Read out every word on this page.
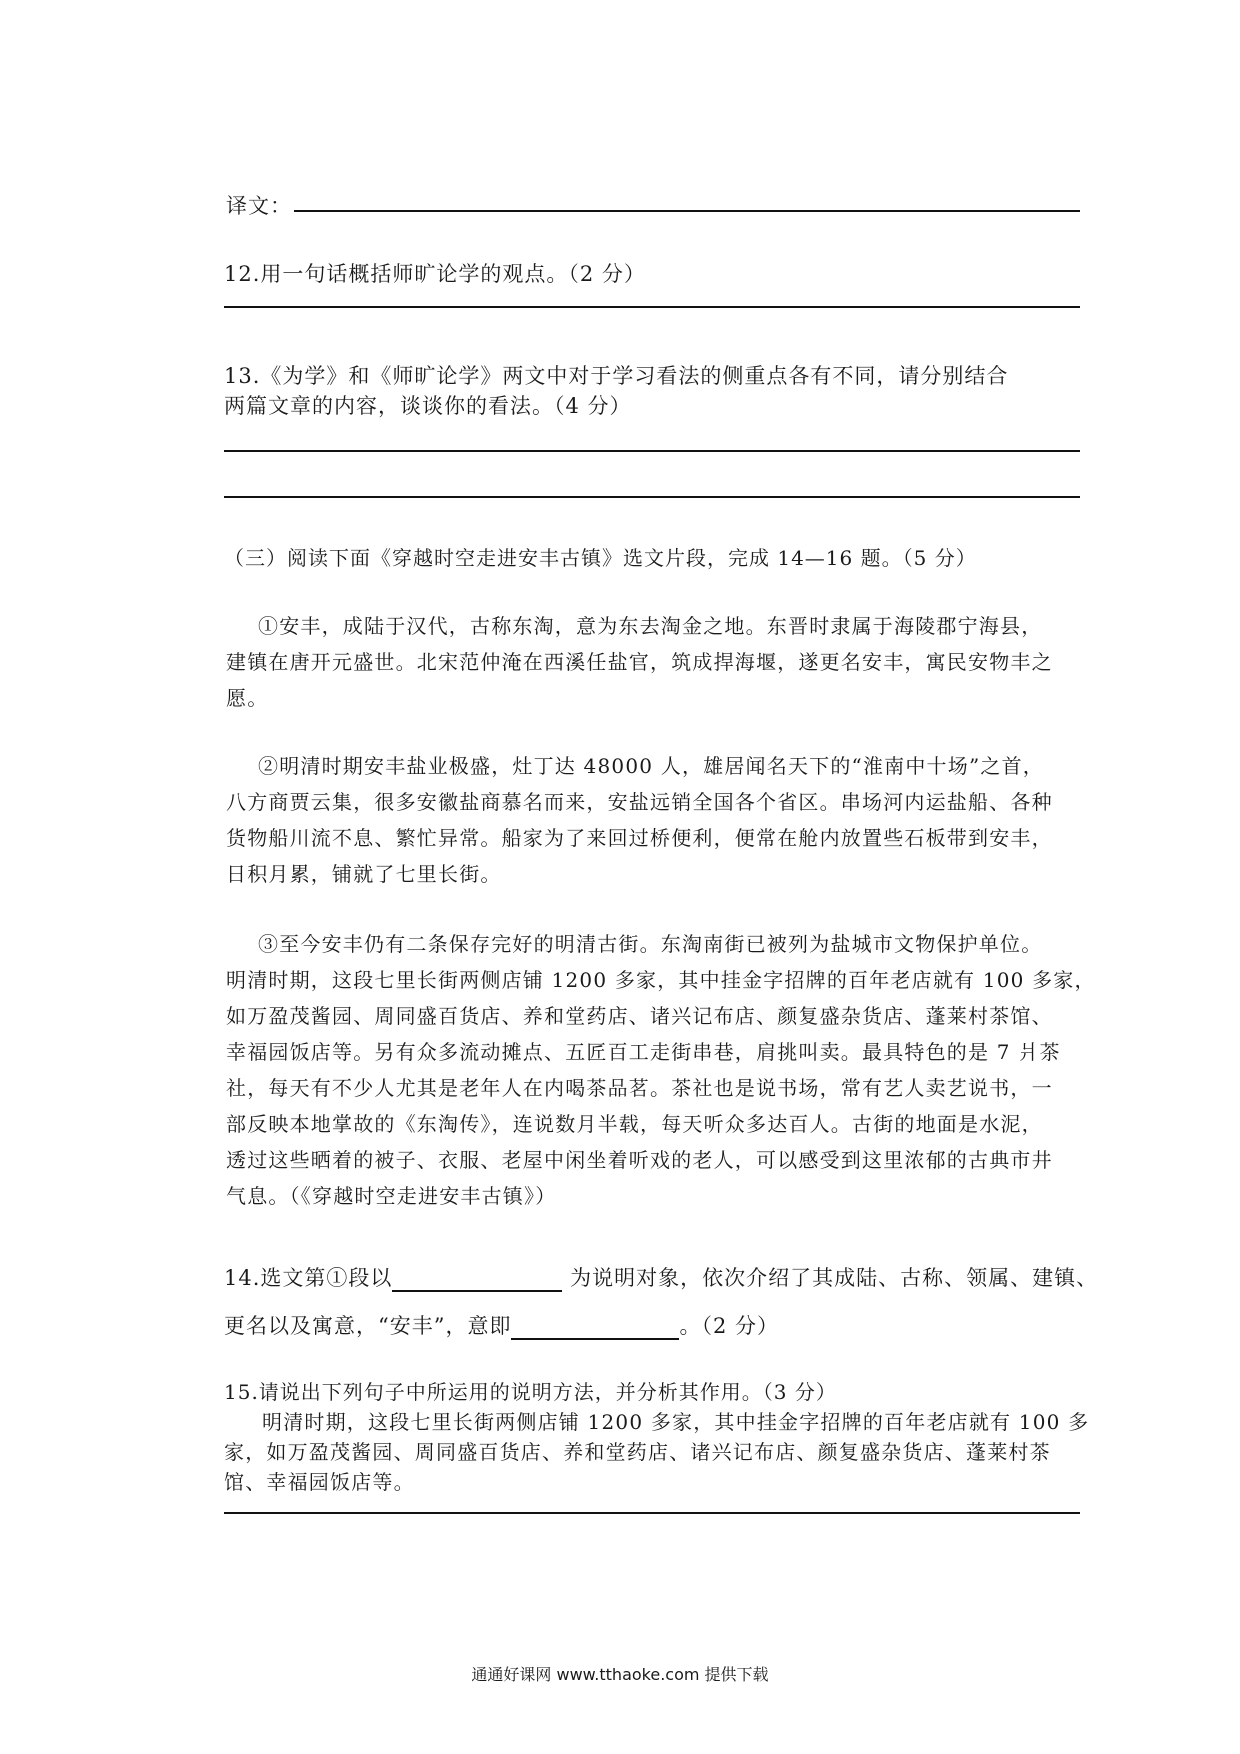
译文：
12.用一句话概括师旷论学的观点。（2 分）
13.《为学》和《师旷论学》两文中对于学习看法的侧重点各有不同，请分别结合
两篇文章的内容，谈谈你的看法。（4 分）
（三）阅读下面《穿越时空走进安丰古镇》选文片段，完成 14—16 题。（5 分）
①安丰，成陆于汉代，古称东淘，意为东去淘金之地。东晋时隶属于海陵郡宁海县，
建镇在唐开元盛世。北宋范仲淹在西溪任盐官，筑成捍海堰，遂更名安丰，寓民安物丰之
愿。
②明清时期安丰盐业极盛，灶丁达 48000 人，雄居闻名天下的“淮南中十场”之首，
八方商贾云集，很多安徽盐商慕名而来，安盐远销全国各个省区。串场河内运盐船、各种
货物船川流不息、繁忙异常。船家为了来回过桥便利，便常在舱内放置些石板带到安丰，
日积月累，铺就了七里长街。
③至今安丰仍有二条保存完好的明清古街。东淘南街已被列为盐城市文物保护单位。
明清时期，这段七里长街两侧店铺 1200 多家，其中挂金字招牌的百年老店就有 100 多家，
如万盈茂酱园、周同盛百货店、养和堂药店、诸兴记布店、颜复盛杂货店、蓬莱村茶馆、
幸福园饭店等。另有众多流动摊点、五匠百工走街串巷，肩挑叫卖。最具特色的是 7 爿茶
社，每天有不少人尤其是老年人在内喝茶品茗。茶社也是说书场，常有艺人卖艺说书，一
部反映本地掌故的《东淘传》，连说数月半载，每天听众多达百人。古街的地面是水泥，
透过这些晒着的被子、衣服、老屋中闲坐着听戏的老人，可以感受到这里浓郁的古典市井
气息。（《穿越时空走进安丰古镇》）
14.选文第①段以	为说明对象，依次介绍了其成陆、古称、领属、建镇、
更名以及寓意，“安丰”，意即	。（2 分）
15.请说出下列句子中所运用的说明方法，并分析其作用。（3 分）
明清时期，这段七里长街两侧店铺 1200 多家，其中挂金字招牌的百年老店就有 100 多
家，如万盈茂酱园、周同盛百货店、养和堂药店、诸兴记布店、颜复盛杂货店、蓬莱村茶
馆、幸福园饭店等。
通通好课网 www.tthaoke.com 提供下载
